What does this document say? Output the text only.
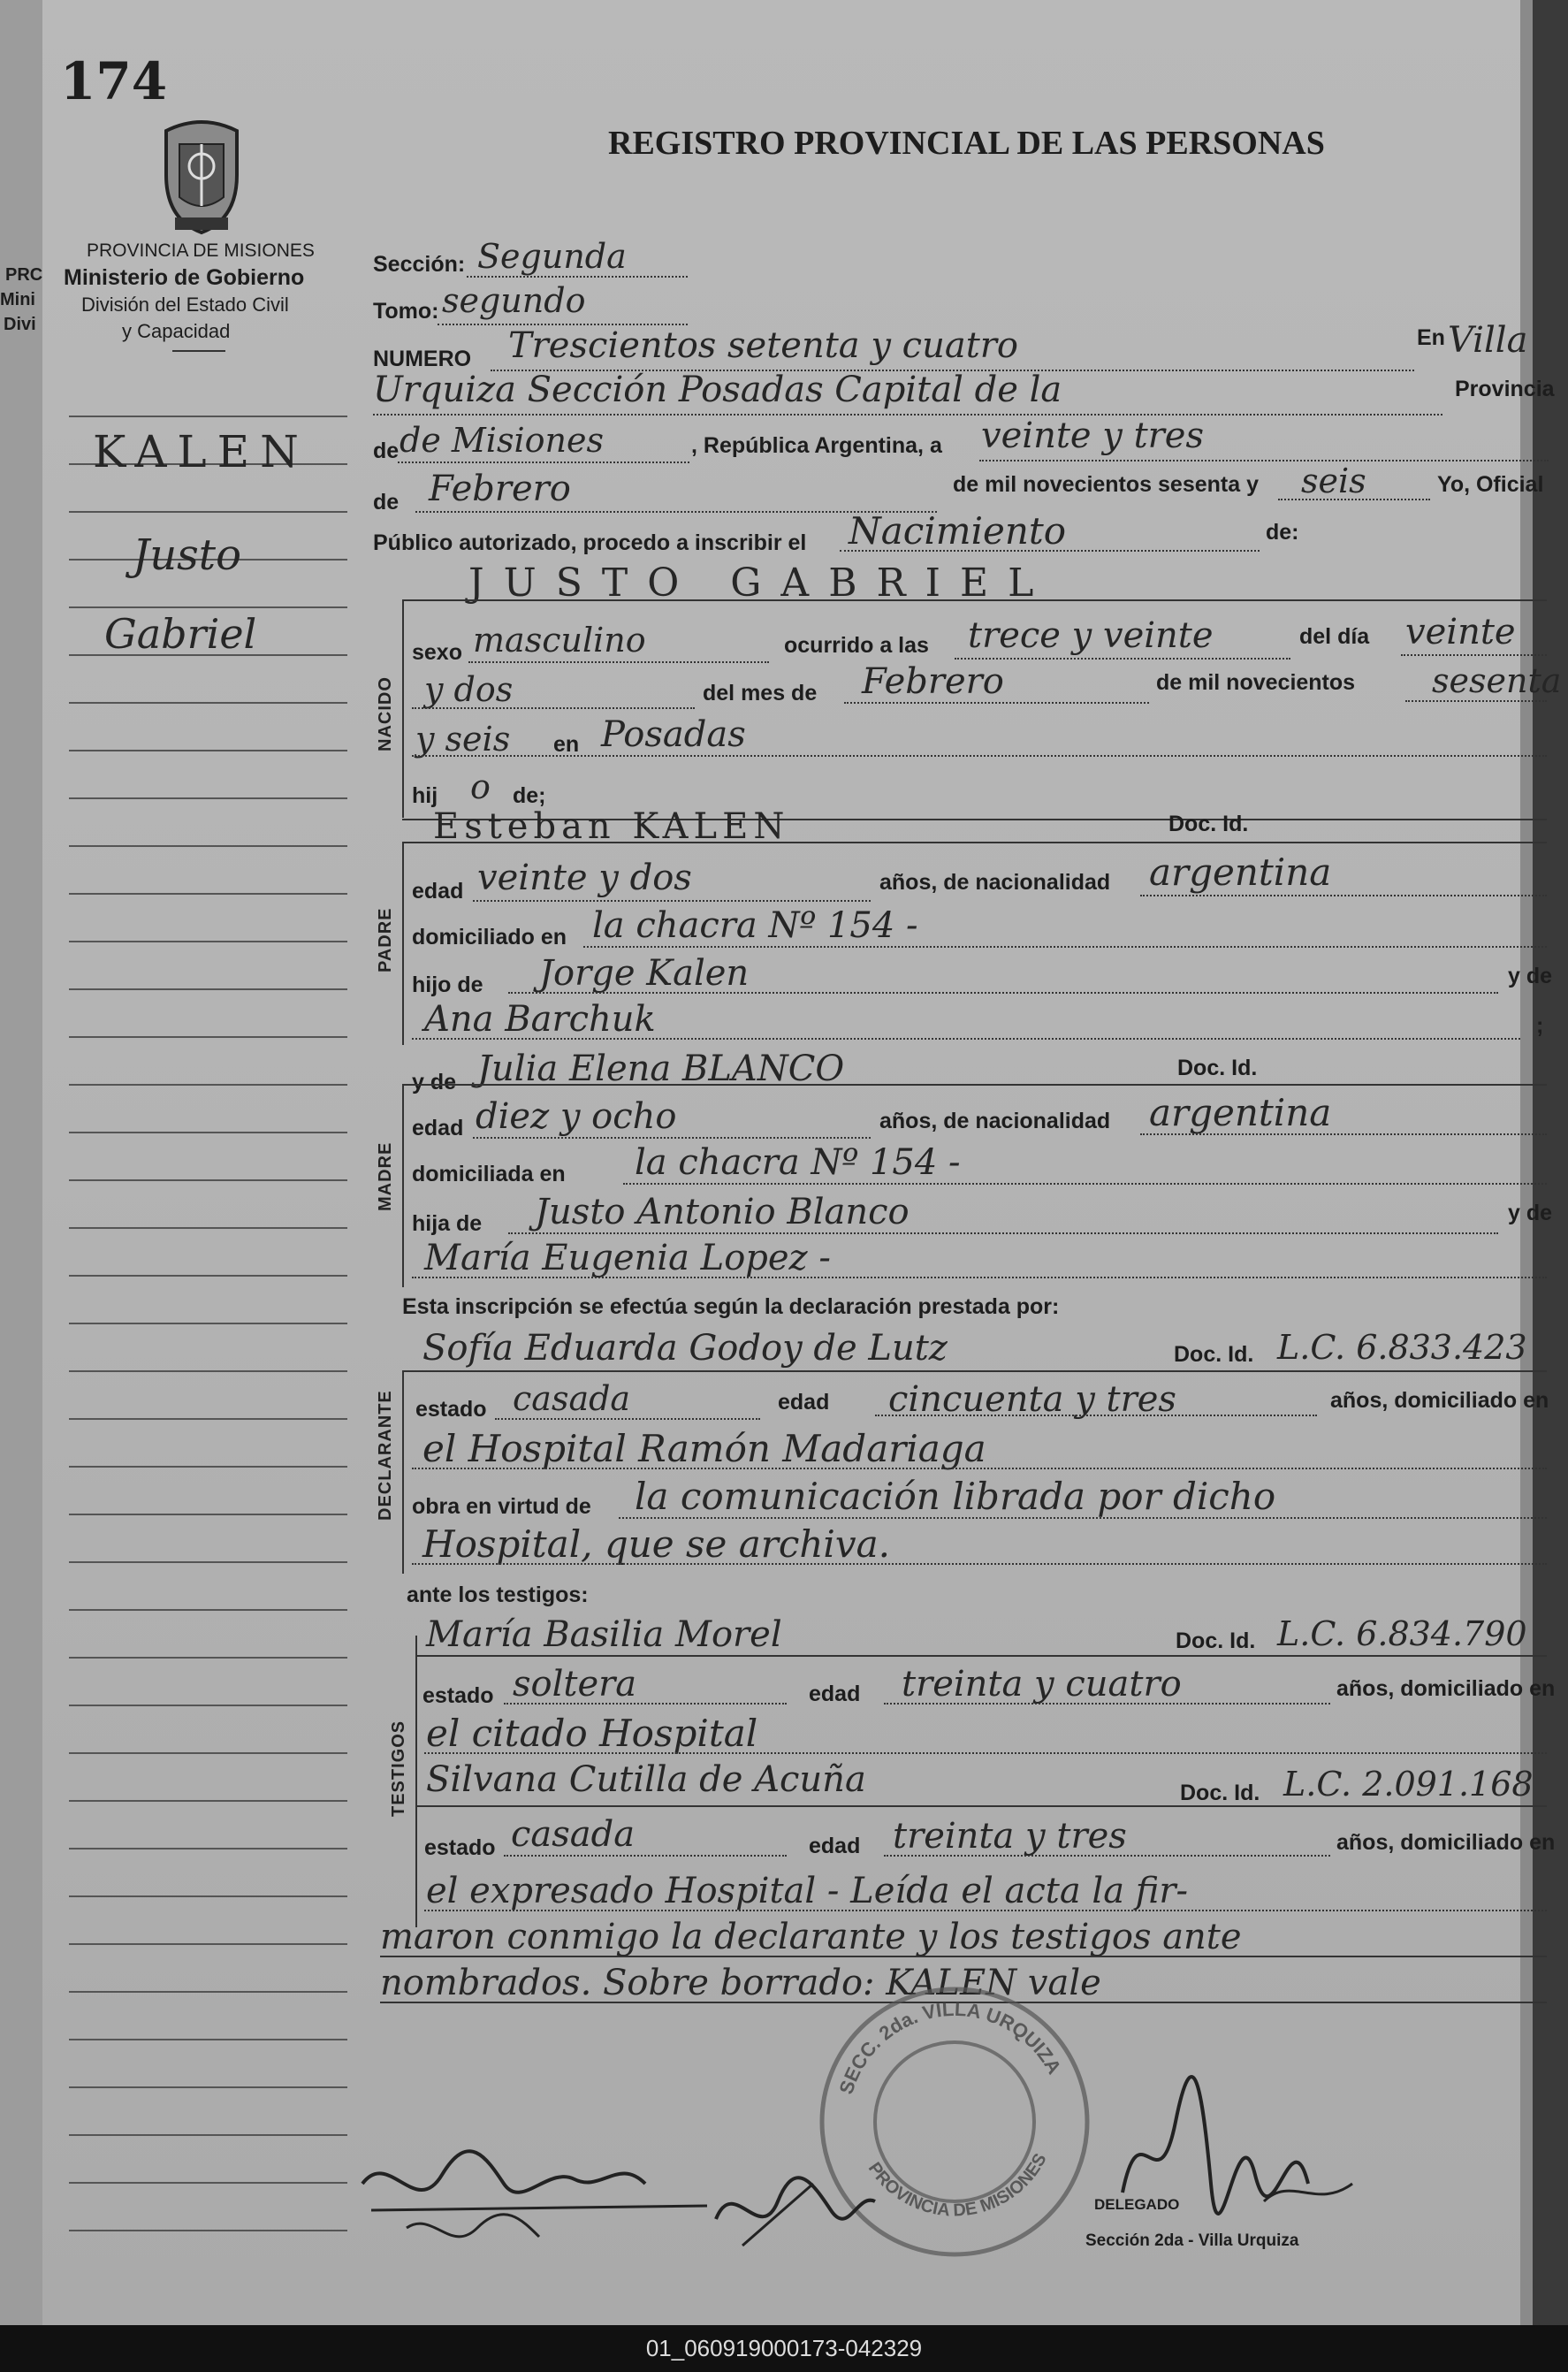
PRC
Mini
Divi
174
PROVINCIA DE MISIONES
Ministerio de Gobierno
División del Estado Civil
y Capacidad
REGISTRO PROVINCIAL DE LAS PERSONAS
KALEN
Justo
Gabriel
Sección: Segunda
Tomo: segundo
NUMERO Trescientos setenta y cuatro	En Villa
Urquiza Sección Posadas Capital de la	Provincia
de de Misiones	, República Argentina, a veinte y tres
de Febrero	de mil novecientos sesenta y seis	Yo, Oficial
Público autorizado, procedo a inscribir el Nacimiento	de:
JUSTO GABRIEL
NACIDO
sexo masculino	ocurrido a las trece y veinte	del día veinte
y dos	del mes de Febrero	de mil novecientos sesenta
y seis en Posadas
hij o de;
Esteban KALEN	Doc. Id.
PADRE
edad veinte y dos	años, de nacionalidad argentina
domiciliado en la chacra Nº 154 -
hijo de Jorge Kalen	y de
Ana Barchuk	;
y de Julia Elena BLANCO	Doc. Id.
MADRE
edad diez y ocho	años, de nacionalidad argentina
domiciliada en la chacra Nº 154 -
hija de Justo Antonio Blanco	y de
María Eugenia Lopez -
Esta inscripción se efectúa según la declaración prestada por:
Sofía Eduarda Godoy de Lutz	Doc. Id. L.C. 6.833.423
DECLARANTE estado casada	edad cincuenta y tres	años, domiciliado en
el Hospital Ramón Madariaga
obra en virtud de la comunicación librada por dicho
Hospital, que se archiva.
ante los testigos:
María Basilia Morel	Doc. Id. L.C. 6.834.790
TESTIGOS
estado soltera	edad treinta y cuatro	años, domiciliado en
el citado Hospital
Silvana Cutilla de Acuña	Doc. Id. L.C. 2.091.168
estado casada	edad treinta y tres	años, domiciliado en
el expresado Hospital - Leída el acta la fir-
maron conmigo la declarante y los testigos ante
nombrados. Sobre borrado: KALEN vale
SECC. 2da. VILLA URQUIZA
PROVINCIA DE MISIONES
DELEGADO
Sección 2da - Villa Urquiza
01_060919000173-042329
